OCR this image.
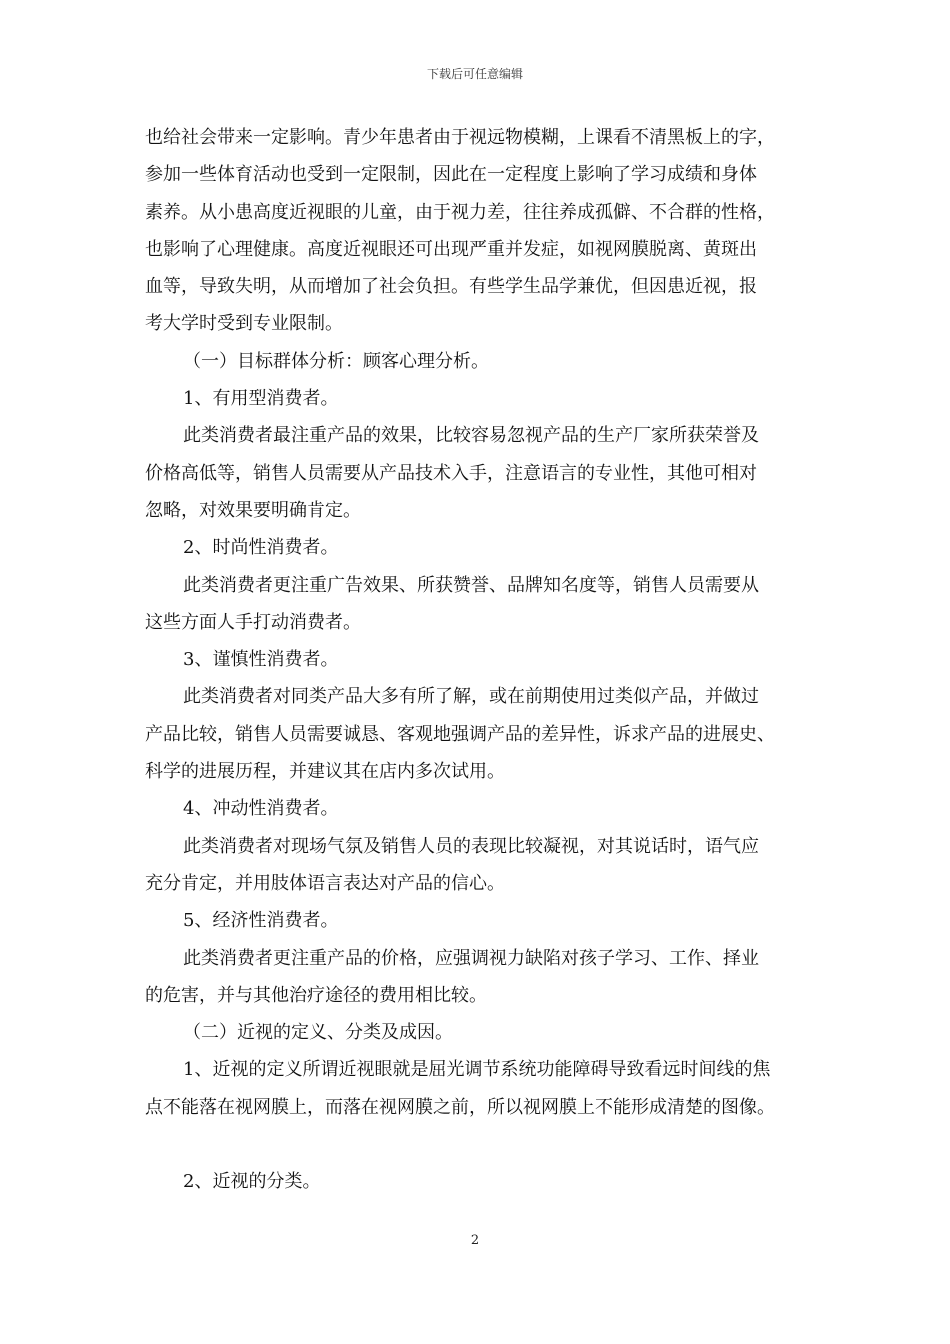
下载后可任意编辑
也给社会带来一定影响。青少年患者由于视远物模糊，上课看不清黑板上的字，
参加一些体育活动也受到一定限制，因此在一定程度上影响了学习成绩和身体
素养。从小患高度近视眼的儿童，由于视力差，往往养成孤僻、不合群的性格，
也影响了心理健康。高度近视眼还可出现严重并发症，如视网膜脱离、黄斑出
血等，导致失明，从而增加了社会负担。有些学生品学兼优，但因患近视，报
考大学时受到专业限制。
（一）目标群体分析：顾客心理分析。
1、有用型消费者。
此类消费者最注重产品的效果，比较容易忽视产品的生产厂家所获荣誉及
价格高低等，销售人员需要从产品技术入手，注意语言的专业性，其他可相对
忽略，对效果要明确肯定。
2、时尚性消费者。
此类消费者更注重广告效果、所获赞誉、品牌知名度等，销售人员需要从
这些方面人手打动消费者。
3、谨慎性消费者。
此类消费者对同类产品大多有所了解，或在前期使用过类似产品，并做过
产品比较，销售人员需要诚恳、客观地强调产品的差异性，诉求产品的进展史、
科学的进展历程，并建议其在店内多次试用。
4、冲动性消费者。
此类消费者对现场气氛及销售人员的表现比较凝视，对其说话时，语气应
充分肯定，并用肢体语言表达对产品的信心。
5、经济性消费者。
此类消费者更注重产品的价格，应强调视力缺陷对孩子学习、工作、择业
的危害，并与其他治疗途径的费用相比较。
（二）近视的定义、分类及成因。
1、近视的定义所谓近视眼就是屈光调节系统功能障碍导致看远时间线的焦
点不能落在视网膜上，而落在视网膜之前，所以视网膜上不能形成清楚的图像。
2、近视的分类。
2
